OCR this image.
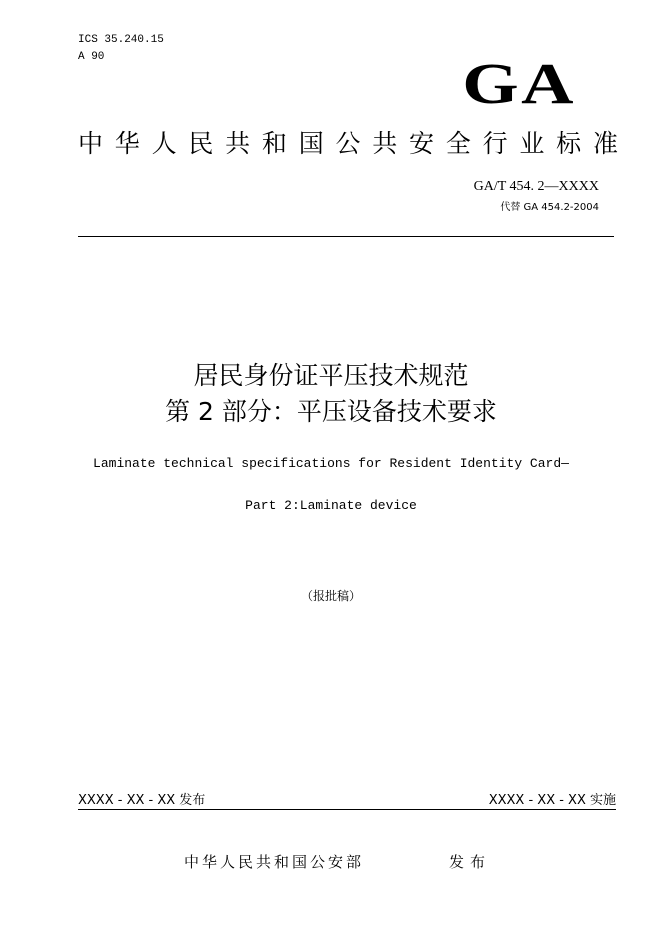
ICS 35.240.15
A 90	GA
中 华 人 民 共 和 国 公 共 安 全 行 业 标 准
GA/T 454. 2—XXXX
代替 GA 454.2-2004
居民身份证平压技术规范
第 2 部分：平压设备技术要求
Laminate technical specifications for Resident Identity Card—
Part 2:Laminate device
（报批稿）
XXXX - XX - XX 发布	XXXX - XX - XX 实施
中华人民共和国公安部	发布
